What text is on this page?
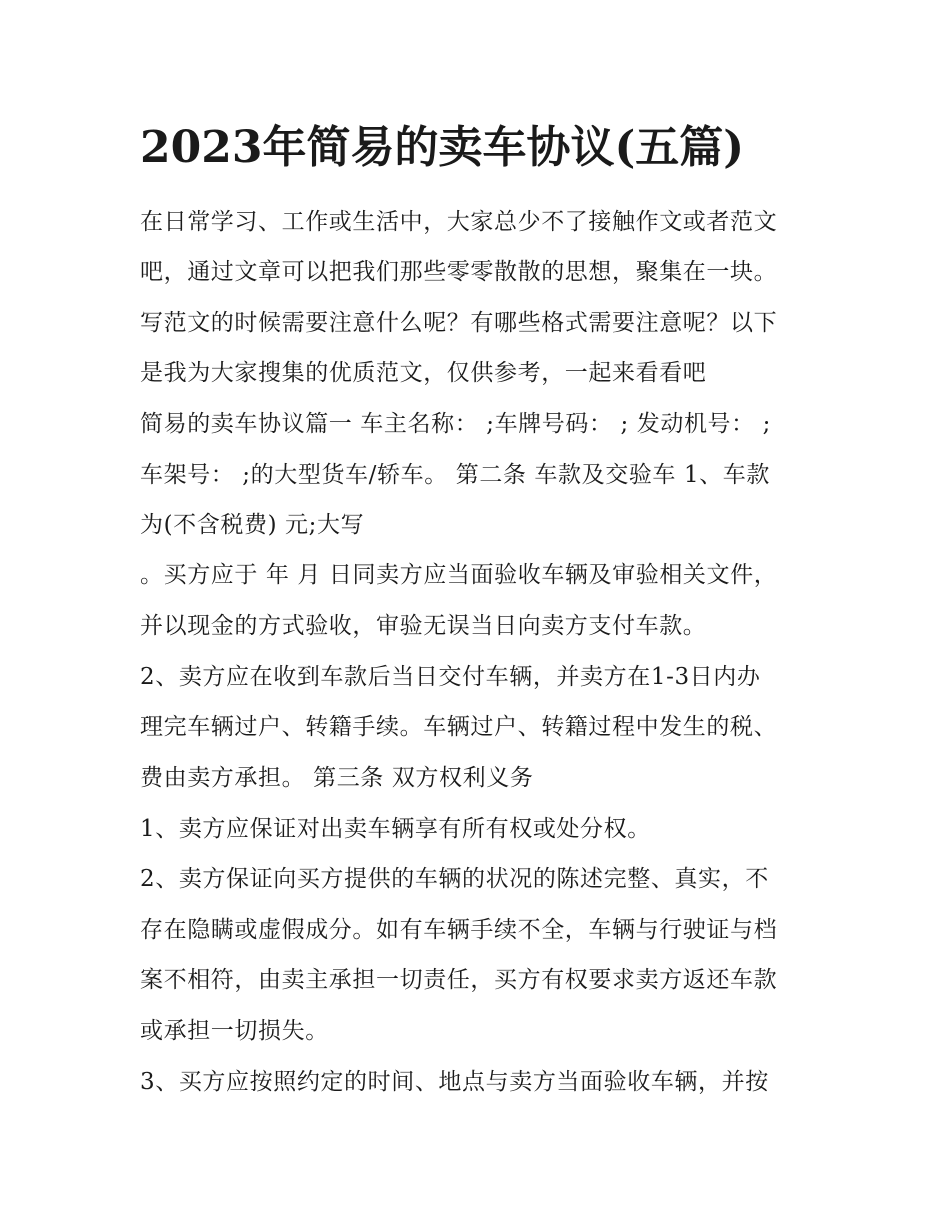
2023年简易的卖车协议(五篇)

在日常学习、工作或生活中，大家总少不了接触作文或者范文

吧，通过文章可以把我们那些零零散散的思想，聚集在一块。

写范文的时候需要注意什么呢？有哪些格式需要注意呢？以下

是我为大家搜集的优质范文，仅供参考，一起来看看吧

简易的卖车协议篇一 车主名称： ;车牌号码： ; 发动机号： ;

车架号： ;的大型货车/轿车。 第二条 车款及交验车 1、车款

为(不含税费) 元;大写

。买方应于 年 月 日同卖方应当面验收车辆及审验相关文件，

并以现金的方式验收，审验无误当日向卖方支付车款。

2、卖方应在收到车款后当日交付车辆，并卖方在1-3日内办

理完车辆过户、转籍手续。车辆过户、转籍过程中发生的税、

费由卖方承担。 第三条 双方权利义务

1、卖方应保证对出卖车辆享有所有权或处分权。

2、卖方保证向买方提供的车辆的状况的陈述完整、真实，不

存在隐瞒或虚假成分。如有车辆手续不全，车辆与行驶证与档

案不相符，由卖主承担一切责任，买方有权要求卖方返还车款

或承担一切损失。

3、买方应按照约定的时间、地点与卖方当面验收车辆，并按
